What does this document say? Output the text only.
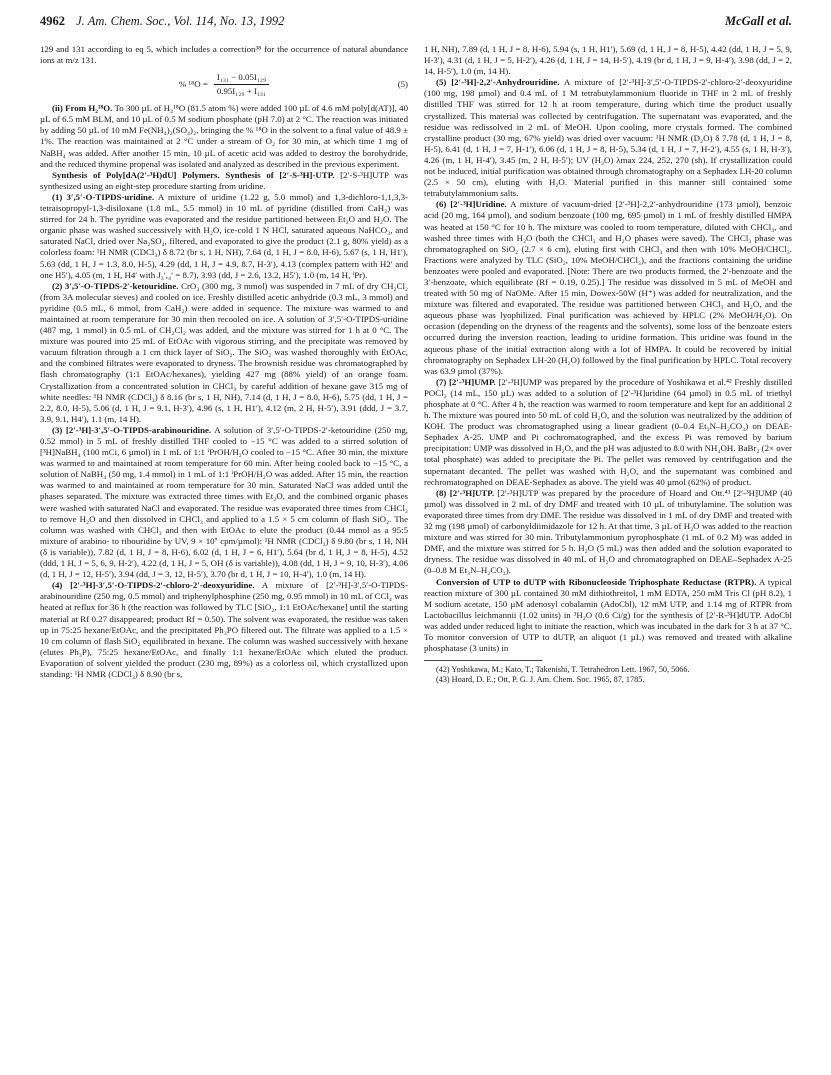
4962 J. Am. Chem. Soc., Vol. 114, No. 13, 1992	McGall et al.

129 and 131 according to eq 5, which includes a correction³⁸ for the occurrence of natural abundance ions at m/z 131.

% $^{18}O = \frac{\text{I₁₃₁ − 0.05I₁₂₉}}{\text{0.95I₁₂₉ + I₁₃₁}}$	(5)

(ii) From H₂¹⁸O. To 300 µL of H₂¹⁸O (81.5 atom %) were added 100 µL of 4.6 mM poly[d(AT)], 40 µL of 6.5 mM BLM, and 10 µL of 0.5 M sodium phosphate (pH 7.0) at 2 °C. The reaction was initiated by adding 50 µL of 10 mM Fe(NH₄)₂(SO₄)₂, bringing the % ¹⁸O in the solvent to a final value of 48.9 ± 1%. The reaction was maintained at 2 °C under a stream of O₂ for 30 min, at which time 1 mg of NaBH₄ was added. After another 15 min, 10 µL of acetic acid was added to destroy the borohydride, and the reduced thymine propenal was isolated and analyzed as described in the previous experiment.

Synthesis of Poly[dA(2′-³H)dU] Polymers. Synthesis of [2′-S-³H]-UTP. [2′-S-³H]UTP was synthesized using an eight-step procedure starting from uridine.

(1) 3′,5′-O-TIPDS-uridine. A mixture of uridine (1.22 g, 5.0 mmol) and 1,3-dichloro-1,1,3,3-tetraisopropyl-1,3-disiloxane (1.8 mL, 5.5 mmol) in 10 mL of pyridine (distilled from CaH₂) was stirred for 24 h. The pyridine was evaporated and the residue partitioned between Et₂O and H₂O. The organic phase was washed successively with H₂O, ice-cold 1 N HCl, saturated aqueous NaHCO₃, and saturated NaCl, dried over Na₂SO₄, filtered, and evaporated to give the product (2.1 g, 80% yield) as a colorless foam: ¹H NMR (CDCl₃) δ 8.72 (br s, 1 H, NH), 7.64 (d, 1 H, J = 8.0, H-6), 5.67 (s, 1 H, H1′), 5.63 (dd, 1 H, J = 1.3, 8.0, H-5), 4.29 (dd, 1 H, J = 4.9, 8.7, H-3′), 4.13 (complex pattern with H2′ and one H5′), 4.05 (m, 1 H, H4′ with J₃′,₄′ = 8.7), 3.93 (dd, J = 2.6, 13.2, H5′), 1.0 (m, 14 H, ⁱPr).

(2) 3′,5′-O-TIPDS-2′-ketouridine. CrO₃ (300 mg, 3 mmol) was suspended in 7 mL of dry CH₂Cl₂ (from 3A molecular sieves) and cooled on ice. Freshly distilled acetic anhydride (0.3 mL, 3 mmol) and pyridine (0.5 mL, 6 mmol, from CaH₂) were added in sequence. The mixture was warmed to and maintained at room temperature for 30 min then recooled on ice. A solution of 3′,5′-O-TIPDS-uridine (487 mg, 1 mmol) in 0.5 mL of CH₂Cl₂ was added, and the mixture was stirred for 1 h at 0 °C. The mixture was poured into 25 mL of EtOAc with vigorous stirring, and the precipitate was removed by vacuum filtration through a 1 cm thick layer of SiO₂. The SiO₂ was washed thoroughly with EtOAc, and the combined filtrates were evaporated to dryness. The brownish residue was chromatographed by flash chromatography (1:1 EtOAc/hexanes), yielding 427 mg (88% yield) of an orange foam. Crystallization from a concentrated solution in CHCl₃ by careful addition of hexane gave 315 mg of white needles: ¹H NMR (CDCl₃) δ 8.16 (br s, 1 H, NH), 7.14 (d, 1 H, J = 8.0, H-6), 5.75 (dd, 1 H, J = 2.2, 8.0, H-5), 5.06 (d, 1 H, J = 9.1, H-3′), 4.96 (s, 1 H, H1′), 4.12 (m, 2 H, H-5′), 3.91 (ddd, J = 3.7, 3.9, 9.1, H4′), 1.1 (m, 14 H).

(3) [2′-³H]-3′,5′-O-TIPDS-arabinouridine. A solution of 3′,5′-O-TIPDS-2′-ketouridine (250 mg, 0.52 mmol) in 5 mL of freshly distilled THF cooled to −15 °C was added to a stirred solution of [³H]NaBH₄ (100 mCi, 6 µmol) in 1 mL of 1:1 ⁱPrOH/H₂O cooled to −15 °C. After 30 min, the mixture was warmed to and maintained at room temperature for 60 min. After being cooled back to −15 °C, a solution of NaBH₄ (50 mg, 1.4 mmol) in 1 mL of 1:1 ⁱPrOH/H₂O was added. After 15 min, the reaction was warmed to and maintained at room temperature for 30 min. Saturated NaCl was added until the phases separated. The mixture was extracted three times with Et₂O, and the combined organic phases were washed with saturated NaCl and evaporated. The residue was evaporated three times from CHCl₃ to remove H₂O and then dissolved in CHCl₃ and applied to a 1.5 × 5 cm column of flash SiO₂. The column was washed with CHCl₃ and then with EtOAc to elute the product (0.44 mmol as a 95:5 mixture of arabino- to ribouridine by UV, 9 × 10⁷ cpm/µmol): ¹H NMR (CDCl₃) δ 9.80 (br s, 1 H, NH (δ is variable)), 7.82 (d, 1 H, J = 8, H-6), 6.02 (d, 1 H, J = 6, H1′), 5.64 (br d, 1 H, J = 8, H-5), 4.52 (ddd, 1 H, J = 5, 6, 9, H-2′), 4.22 (d, 1 H, J = 5, OH (δ is variable)), 4.08 (dd, 1 H, J = 9, 10, H-3′), 4.06 (d, 1 H, J = 12, H-5′), 3.94 (dd, J = 3, 12, H-5′), 3.70 (br d, 1 H, J = 10, H-4′), 1.0 (m, 14 H).

(4) [2′-³H]-3′,5′-O-TIPDS-2′-chloro-2′-deoxyuridine. A mixture of [2′-³H]-3′,5′-O-TIPDS-arabinouridine (250 mg, 0.5 mmol) and triphenylphosphine (250 mg, 0.95 mmol) in 10 mL of CCl₄ was heated at reflux for 36 h (the reaction was followed by TLC [SiO₂, 1:1 EtOAc/hexane] until the starting material at Rf 0.27 disappeared; product Rf = 0.50). The solvent was evaporated, the residue was taken up in 75:25 hexane/EtOAc, and the precipitated Ph₃PO filtered out. The filtrate was applied to a 1.5 × 10 cm column of flash SiO₂ equilibrated in hexane. The column was washed successively with hexane (elutes Ph₃P), 75:25 hexane/EtOAc, and finally 1:1 hexane/EtOAc which eluted the product. Evaporation of solvent yielded the product (230 mg, 89%) as a colorless oil, which crystallized upon standing: ¹H NMR (CDCl₃) δ 8.90 (br s,

1 H, NH), 7.89 (d, 1 H, J = 8, H-6), 5.94 (s, 1 H, H1′), 5.69 (d, 1 H, J = 8, H-5), 4.42 (dd, 1 H, J = 5, 9, H-3′), 4.31 (d, 1 H, J = 5, H-2′), 4.26 (d, 1 H, J = 14, H-5′), 4.19 (br d, 1 H, J = 9, H-4′), 3.98 (dd, J = 2, 14, H-5′), 1.0 (m, 14 H).

(5) [2′-³H]-2,2′-Anhydrouridine. A mixture of [2′-³H]-3′,5′-O-TIPDS-2′-chloro-2′-deoxyuridine (100 mg, 198 µmol) and 0.4 mL of 1 M tetrabutylammonium fluoride in THF in 2 mL of freshly distilled THF was stirred for 12 h at room temperature, during which time the product usually crystallized. This material was collected by centrifugation. The supernatant was evaporated, and the residue was redissolved in 2 mL of MeOH. Upon cooling, more crystals formed. The combined crystalline product (30 mg, 67% yield) was dried over vacuum: ¹H NMR (D₂O) δ 7.78 (d, 1 H, J = 8, H-5), 6.41 (d, 1 H, J = 7, H-1′), 6.06 (d, 1 H, J = 8, H-5), 5.34 (d, 1 H, J = 7, H-2′), 4.55 (s, 1 H, H-3′), 4.26 (m, 1 H, H-4′), 3.45 (m, 2 H, H-5′); UV (H₂O) λmax 224, 252, 270 (sh). If crystallization could not be induced, initial purification was obtained through chromatography on a Sephadex LH-20 column (2.5 × 50 cm), eluting with H₂O. Material purified in this manner still contained some tetrabutylammonium salts.

(6) [2′-³H]Uridine. A mixture of vacuum-dried [2′-³H]-2,2′-anhydrouridine (173 µmol), benzoic acid (20 mg, 164 µmol), and sodium benzoate (100 mg, 695 µmol) in 1 mL of freshly distilled HMPA was heated at 150 °C for 10 h. The mixture was cooled to room temperature, diluted with CHCl₃, and washed three times with H₂O (both the CHCl₃ and H₂O phases were saved). The CHCl₃ phase was chromatographed on SiO₂ (2.7 × 6 cm), eluting first with CHCl₃ and then with 10% MeOH/CHCl₃. Fractions were analyzed by TLC (SiO₂, 10% MeOH/CHCl₃), and the fractions containing the uridine benzoates were pooled and evaporated. [Note: There are two products formed, the 2′-benzoate and the 3′-benzoate, which equilibrate (Rf = 0.19, 0.25).] The residue was dissolved in 5 mL of MeOH and treated with 50 mg of NaOMe. After 15 min, Dowex-50W (H⁺) was added for neutralization, and the mixture was filtered and evaporated. The residue was partitioned between CHCl₃ and H₂O, and the aqueous phase was lyophilized. Final purification was achieved by HPLC (2% MeOH/H₂O). On occasion (depending on the dryness of the reagents and the solvents), some loss of the benzoate esters occurred during the inversion reaction, leading to uridine formation. This uridine was found in the aqueous phase of the initial extraction along with a lot of HMPA. It could be recovered by initial chromatography on Sephadex LH-20 (H₂O) followed by the final purification by HPLC. Total recovery was 63.9 µmol (37%).

(7) [2′-³H]UMP. [2′-³H]UMP was prepared by the procedure of Yoshikawa et al.⁴² Freshly distilled POCl₃ (14 mL, 150 µL) was added to a solution of [2′-³H]uridine (64 µmol) in 0.5 mL of triethyl phosphate at 0 °C. After 4 h, the reaction was warmed to room temperature and kept for an additional 2 h. The mixture was poured into 50 mL of cold H₂O, and the solution was neutralized by the addition of KOH. The product was chromatographed using a linear gradient (0–0.4 Et₃N–H₂CO₃) on DEAE-Sephadex A-25. UMP and Pi cochromatographed, and the excess Pi was removed by barium precipitation: UMP was dissolved in H₂O, and the pH was adjusted to 8.0 with NH₄OH. BaBr₂ (2× over total phosphate) was added to precipitate the Pi. The pellet was removed by centrifugation and the supernatant decanted. The pellet was washed with H₂O, and the supernatant was combined and rechromatographed on DEAE-Sephadex as above. The yield was 40 µmol (62%) of product.

(8) [2′-³H]UTP. [2′-³H]UTP was prepared by the procedure of Hoard and Ott.⁴³ [2′-³H]UMP (40 µmol) was dissolved in 2 mL of dry DMF and treated with 10 µL of tributylamine. The solution was evaporated three times from dry DMF. The residue was dissolved in 1 mL of dry DMF and treated with 32 mg (198 µmol) of carbonyldiimidazole for 12 h. At that time, 3 µL of H₂O was added to the reaction mixture and was stirred for 30 min. Tributylammonium pyrophosphate (1 mL of 0.2 M) was added in DMF, and the mixture was stirred for 5 h. H₂O (5 mL) was then added and the solution evaporated to dryness. The residue was dissolved in 40 mL of H₂O and chromatographed on DEAE–Sephadex A-25 (0–0.8 M Et₃N–H₂CO₃).

Conversion of UTP to dUTP with Ribonucleoside Triphosphate Reductase (RTPR). A typical reaction mixture of 300 µL contained 30 mM dithiothreitol, 1 mM EDTA, 250 mM Tris Cl (pH 8.2), 1 M sodium acetate, 150 µM adenosyl cobalamin (AdoCbl), 12 mM UTP, and 1.14 mg of RTPR from Lactobacillus leichmannii (1.02 units) in ³H₂O (0.6 Ci/g) for the synthesis of [2′-R-³H]dUTP. AdoCbl was added under reduced light to initiate the reaction, which was incubated in the dark for 3 h at 37 °C. To monitor conversion of UTP to dUTP, an aliquot (1 µL) was removed and treated with alkaline phosphatase (3 units) in

(42) Yoshikawa, M.; Kato, T.; Takenishi, T. Tetrahedron Lett. 1967, 50, 5066.

(43) Hoard, D. E.; Ott, P. G. J. Am. Chem. Soc. 1965, 87, 1785.
